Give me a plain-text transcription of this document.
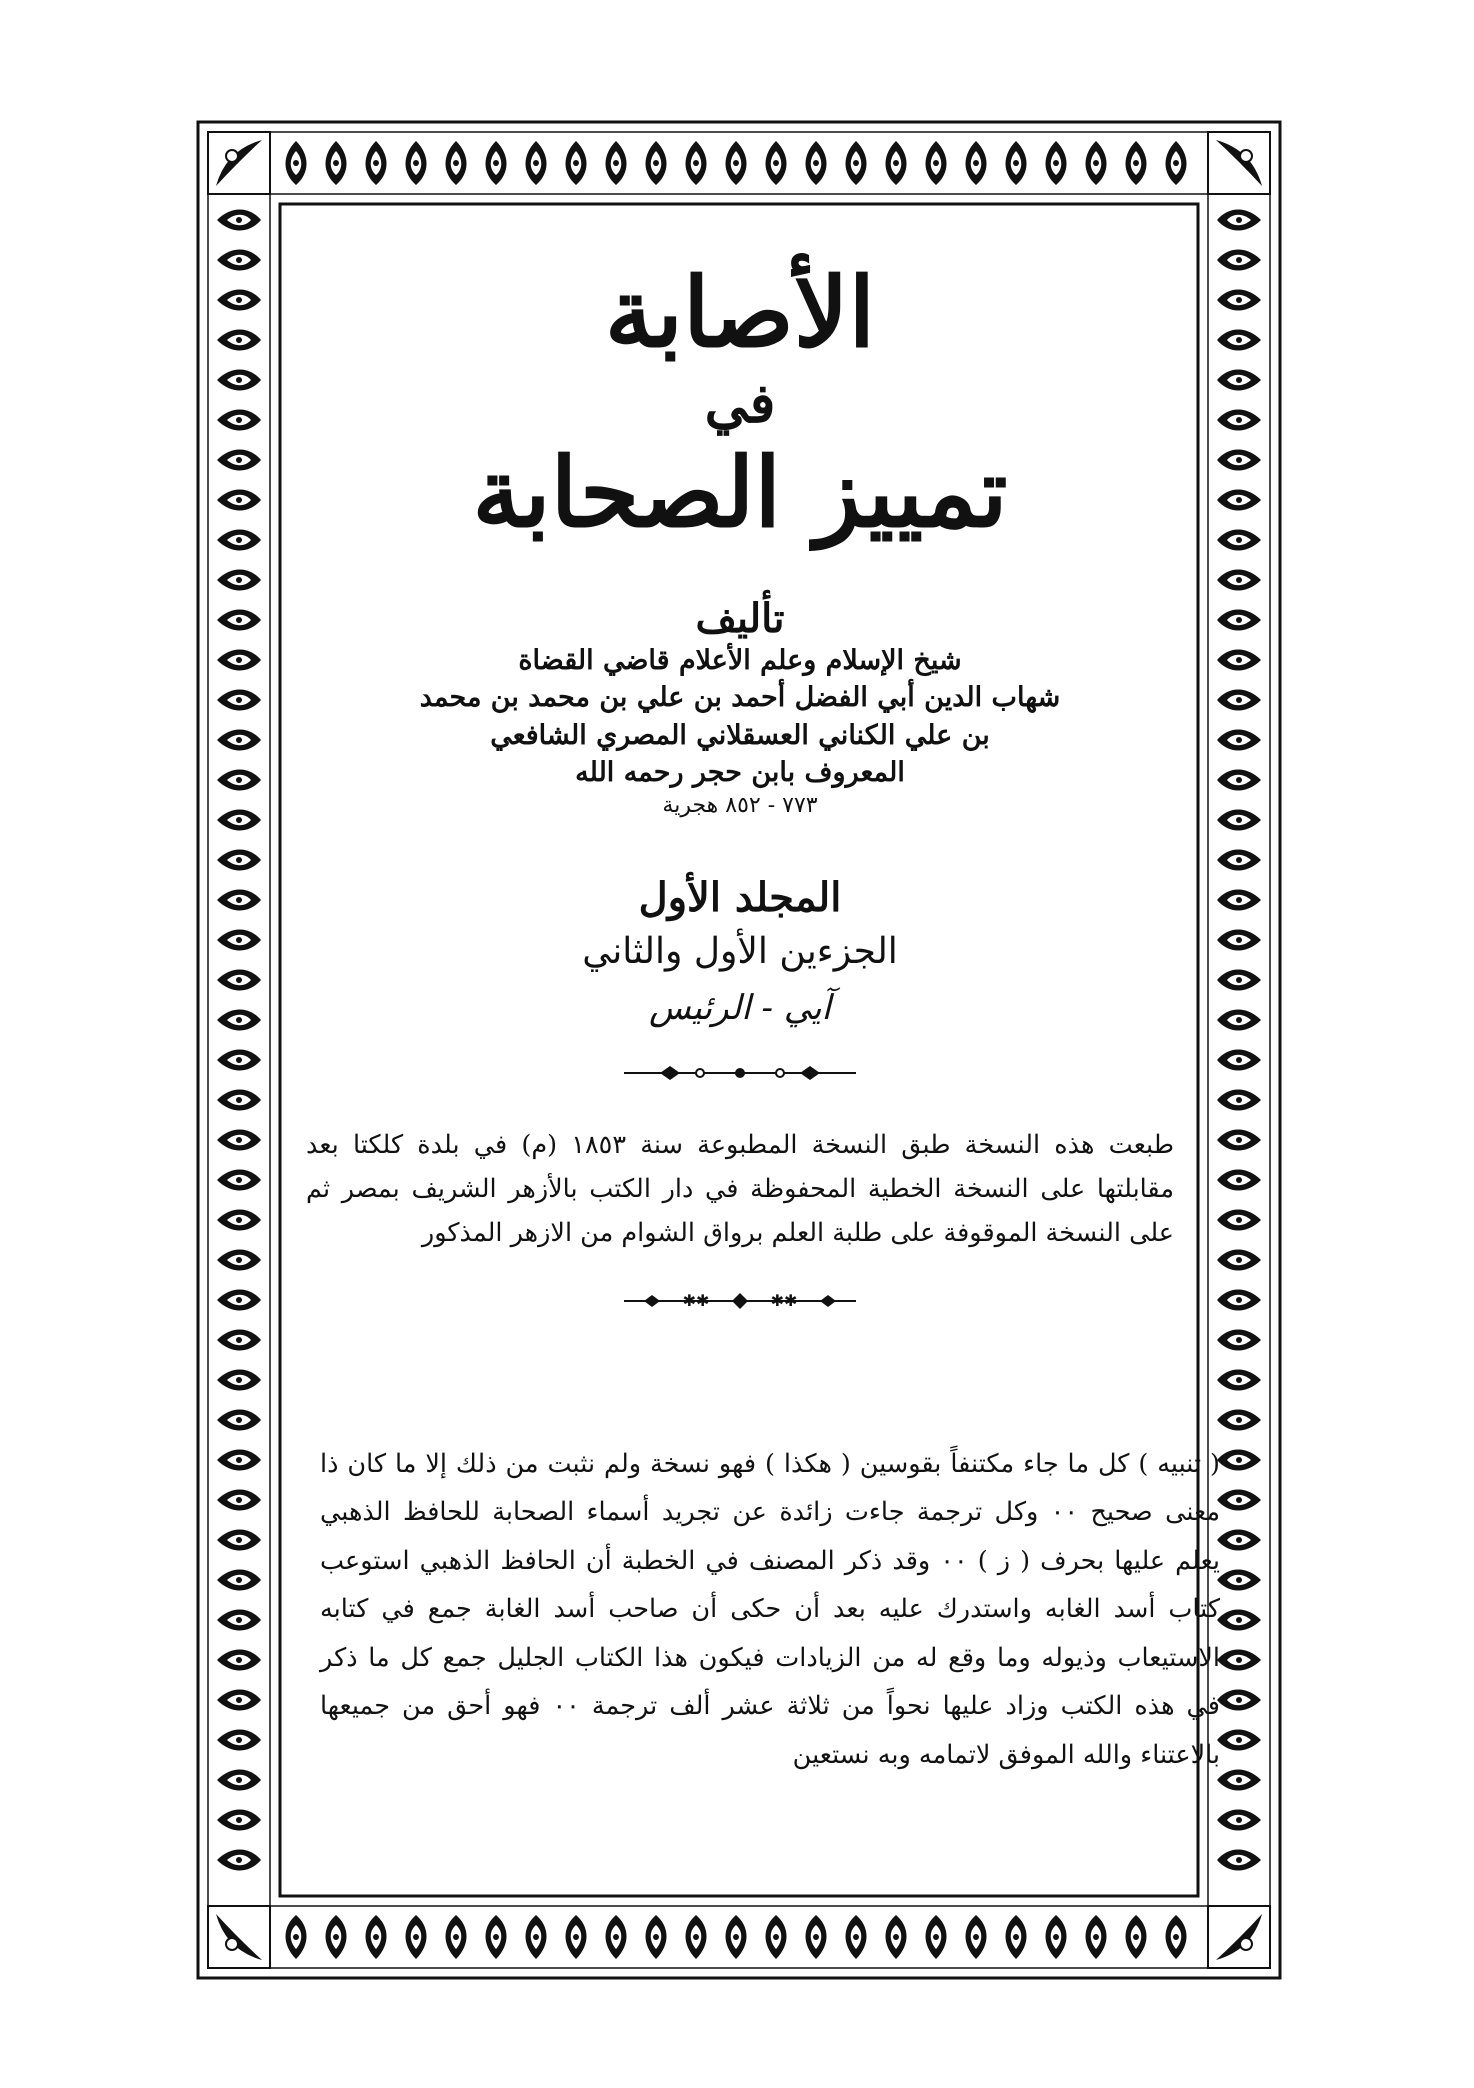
الأصابة
في
تمييز الصحابة
تأليف
شيخ الإسلام وعلم الأعلام قاضي القضاة
شهاب الدين أبي الفضل أحمد بن علي بن محمد بن محمد
بن علي الكناني العسقلاني المصري الشافعي
المعروف بابن حجر رحمه الله
٧٧٣ - ٨٥٢ هجرية
المجلد الأول
الجزءين الأول والثاني
آيي - الرئيس
طبعت هذه النسخة طبق النسخة المطبوعة سنة ١٨٥٣ (م) في بلدة كلكتا بعد مقابلتها على النسخة الخطية المحفوظة في دار الكتب بالأزهر الشريف بمصر ثم على النسخة الموقوفة على طلبة العلم برواق الشوام من الازهر المذكور
✱✱	✱✱
( تنبيه ) كل ما جاء مكتنفاً بقوسين ( هكذا ) فهو نسخة ولم نثبت من ذلك إلا ما كان ذا معنى صحيح ٠٠ وكل ترجمة جاءت زائدة عن تجريد أسماء الصحابة للحافظ الذهبي يعلم عليها بحرف ( ز ) ٠٠ وقد ذكر المصنف في الخطبة أن الحافظ الذهبي استوعب كتاب أسد الغابه واستدرك عليه بعد أن حكى أن صاحب أسد الغابة جمع في كتابه الاستيعاب وذيوله وما وقع له من الزيادات فيكون هذا الكتاب الجليل جمع كل ما ذكر في هذه الكتب وزاد عليها نحواً من ثلاثة عشر ألف ترجمة ٠٠ فهو أحق من جميعها بالاعتناء والله الموفق لاتمامه وبه نستعين
